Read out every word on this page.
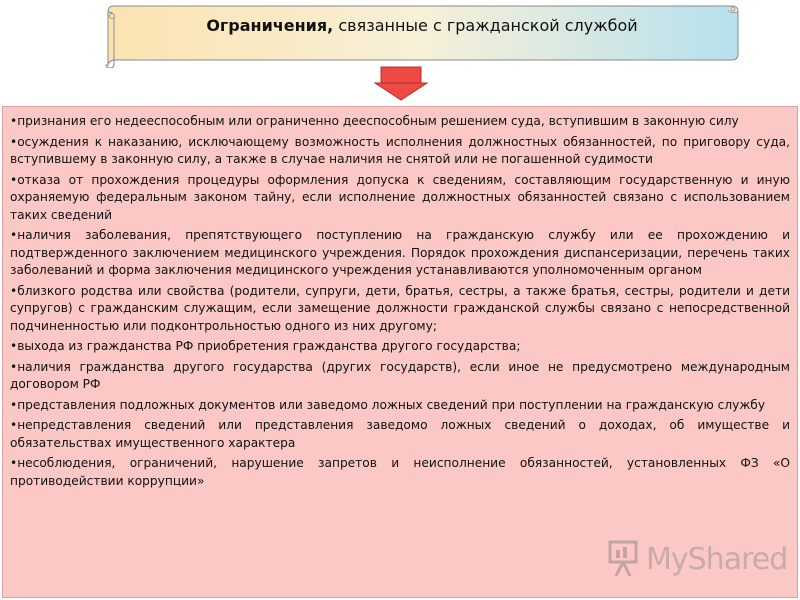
Ограничения, связанные с гражданской службой

•признания его недееспособным или ограниченно дееспособным решением суда, вступившим в законную силу

•осуждения к наказанию, исключающему возможность исполнения должностных обязанностей, по приговору суда, вступившему в законную силу, а также в случае наличия не снятой или не погашенной судимости

•отказа от прохождения процедуры оформления допуска к сведениям, составляющим государственную и иную охраняемую федеральным законом тайну, если исполнение должностных обязанностей связано с использованием таких сведений

•наличия заболевания, препятствующего поступлению на гражданскую службу или ее прохождению и подтвержденного заключением медицинского учреждения. Порядок прохождения диспансеризации, перечень таких заболеваний и форма заключения медицинского учреждения устанавливаются уполномоченным органом

•близкого родства или свойства (родители, супруги, дети, братья, сестры, а также братья, сестры, родители и дети супругов) с гражданским служащим, если замещение должности гражданской службы связано с непосредственной подчиненностью или подконтрольностью одного из них другому;

•выхода из гражданства РФ приобретения гражданства другого государства;

•наличия гражданства другого государства (других государств), если иное не предусмотрено международным договором РФ

•представления подложных документов или заведомо ложных сведений при поступлении на гражданскую службу

•непредставления сведений или представления заведомо ложных сведений о доходах, об имуществе и обязательствах имущественного характера

•несоблюдения, ограничений, нарушение запретов и неисполнение обязанностей, установленных ФЗ «О противодействии коррупции»

MyShared
